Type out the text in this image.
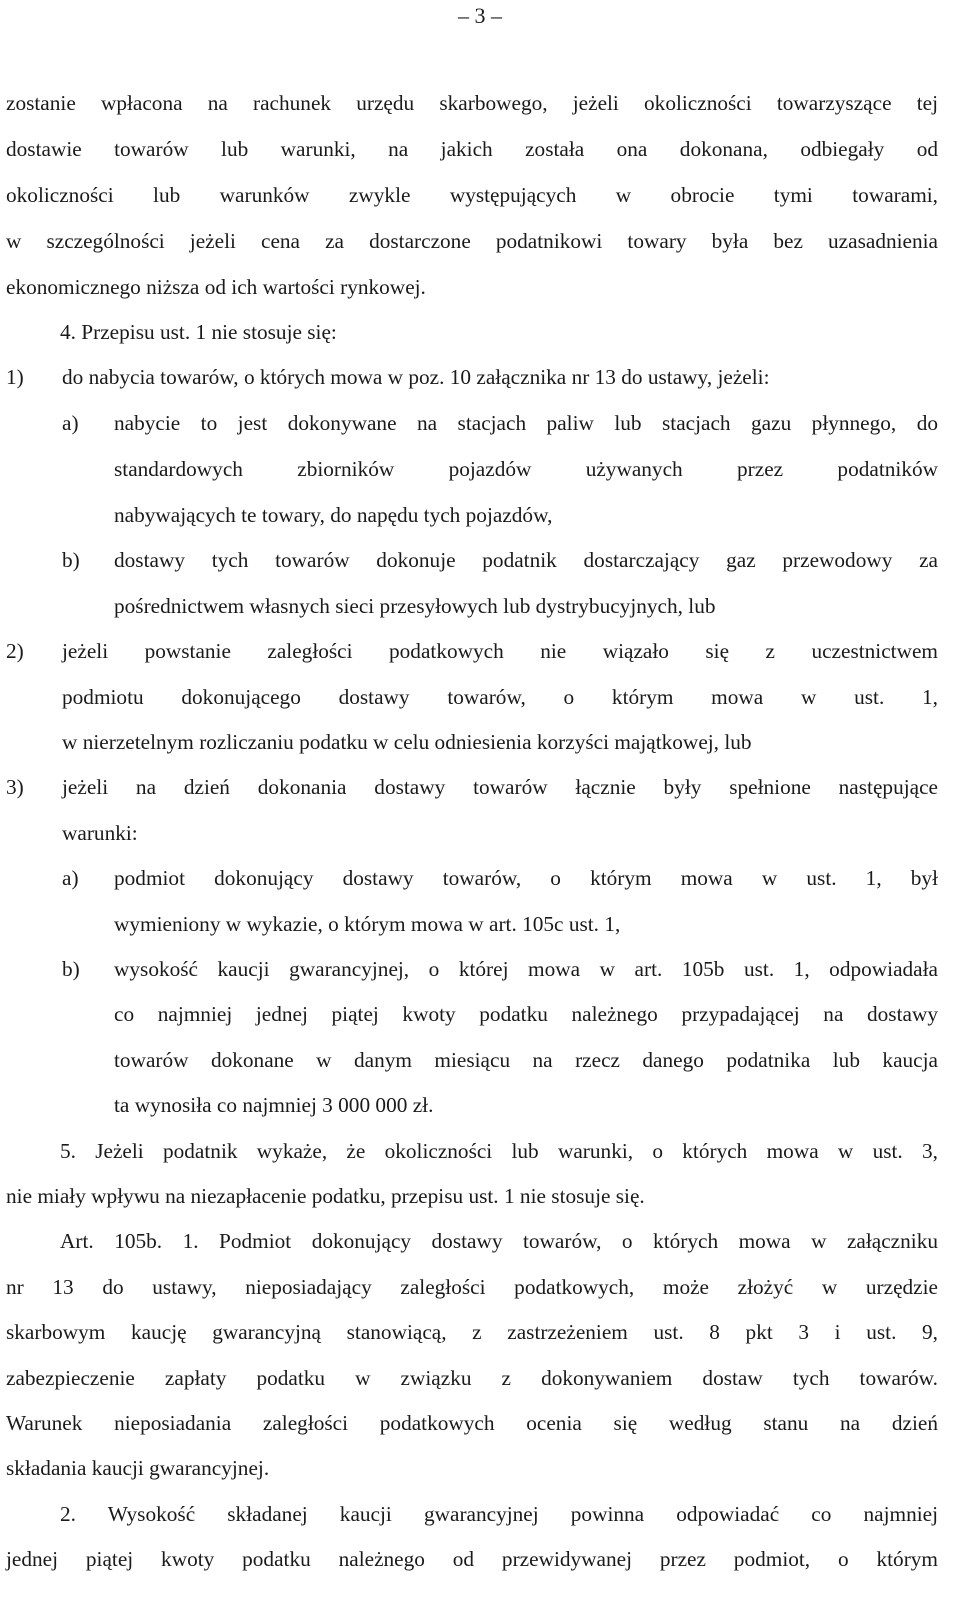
– 3 –
zostanie wpłacona na rachunek urzędu skarbowego, jeżeli okoliczności towarzyszące tej
dostawie towarów lub warunki, na jakich została ona dokonana, odbiegały od
okoliczności lub warunków zwykle występujących w obrocie tymi towarami,
w szczególności jeżeli cena za dostarczone podatnikowi towary była bez uzasadnienia
ekonomicznego niższa od ich wartości rynkowej.
4. Przepisu ust. 1 nie stosuje się:
1) do nabycia towarów, o których mowa w poz. 10 załącznika nr 13 do ustawy, jeżeli:
a) nabycie to jest dokonywane na stacjach paliw lub stacjach gazu płynnego, do
standardowych zbiorników pojazdów używanych przez podatników
nabywających te towary, do napędu tych pojazdów,
b) dostawy tych towarów dokonuje podatnik dostarczający gaz przewodowy za
pośrednictwem własnych sieci przesyłowych lub dystrybucyjnych, lub
2) jeżeli powstanie zaległości podatkowych nie wiązało się z uczestnictwem
podmiotu dokonującego dostawy towarów, o którym mowa w ust. 1,
w nierzetelnym rozliczaniu podatku w celu odniesienia korzyści majątkowej, lub
3) jeżeli na dzień dokonania dostawy towarów łącznie były spełnione następujące
warunki:
a) podmiot dokonujący dostawy towarów, o którym mowa w ust. 1, był
wymieniony w wykazie, o którym mowa w art. 105c ust. 1,
b) wysokość kaucji gwarancyjnej, o której mowa w art. 105b ust. 1, odpowiadała
co najmniej jednej piątej kwoty podatku należnego przypadającej na dostawy
towarów dokonane w danym miesiącu na rzecz danego podatnika lub kaucja
ta wynosiła co najmniej 3 000 000 zł.
5. Jeżeli podatnik wykaże, że okoliczności lub warunki, o których mowa w ust. 3,
nie miały wpływu na niezapłacenie podatku, przepisu ust. 1 nie stosuje się.
Art. 105b. 1. Podmiot dokonujący dostawy towarów, o których mowa w załączniku
nr 13 do ustawy, nieposiadający zaległości podatkowych, może złożyć w urzędzie
skarbowym kaucję gwarancyjną stanowiącą, z zastrzeżeniem ust. 8 pkt 3 i ust. 9,
zabezpieczenie zapłaty podatku w związku z dokonywaniem dostaw tych towarów.
Warunek nieposiadania zaległości podatkowych ocenia się według stanu na dzień
składania kaucji gwarancyjnej.
2. Wysokość składanej kaucji gwarancyjnej powinna odpowiadać co najmniej
jednej piątej kwoty podatku należnego od przewidywanej przez podmiot, o którym
